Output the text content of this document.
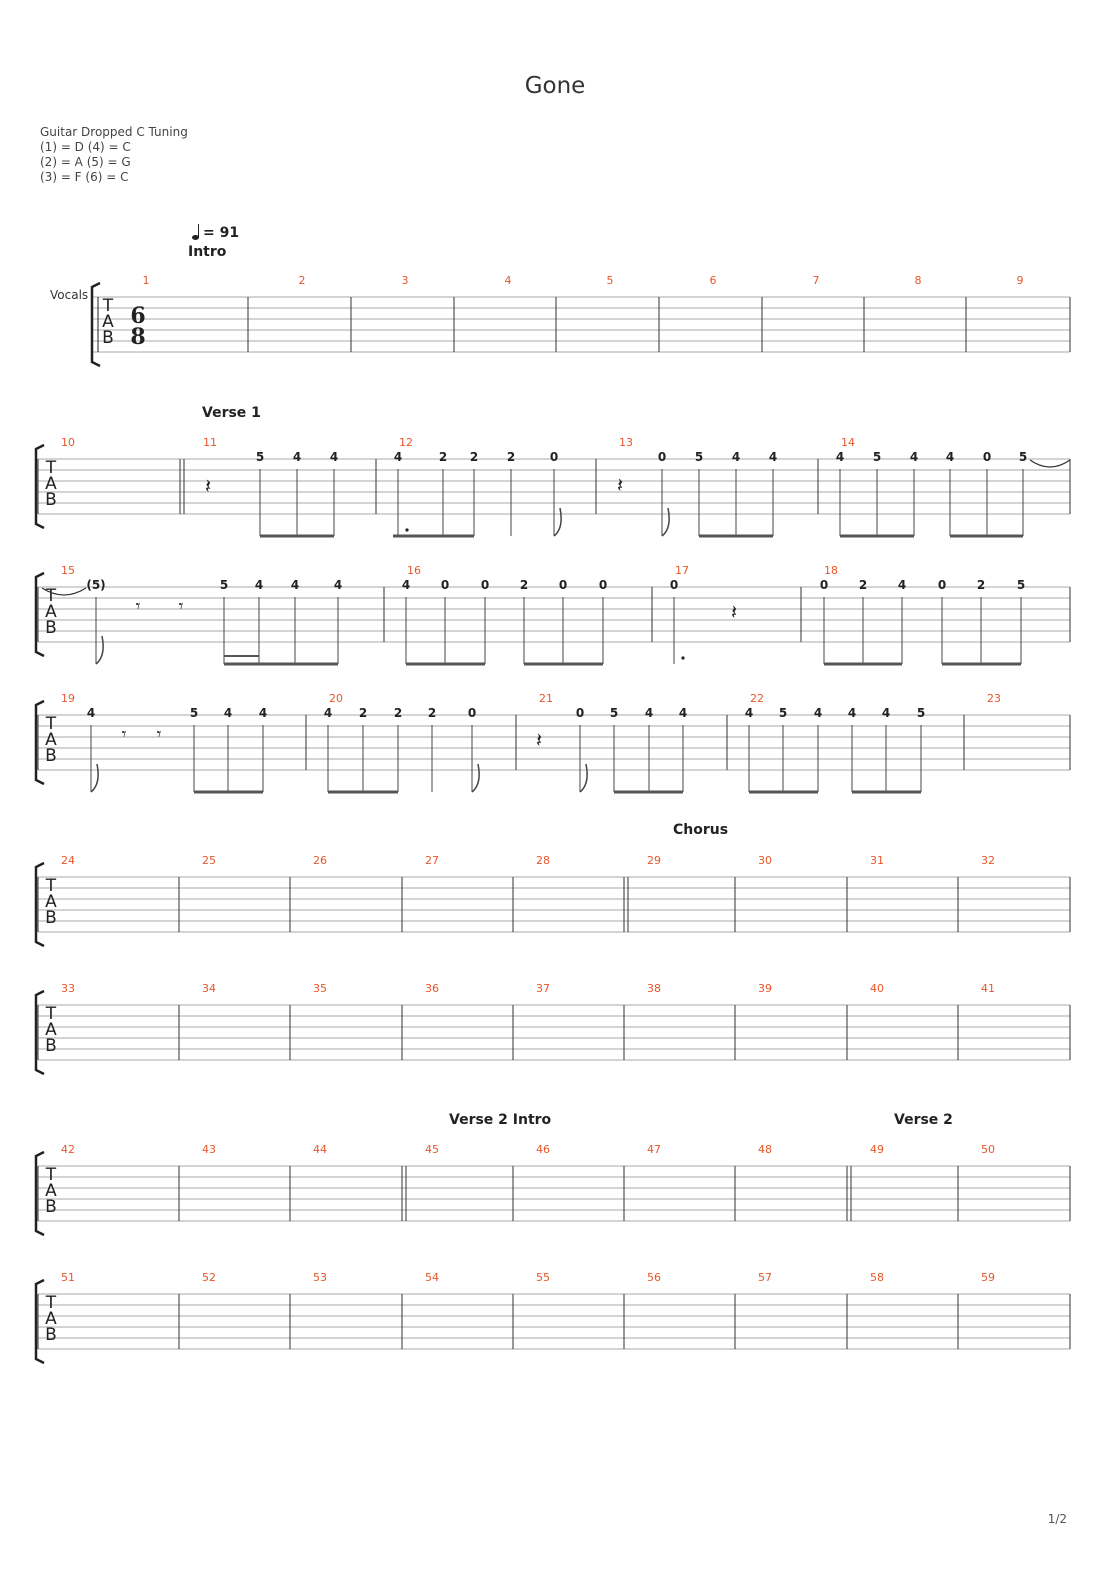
Gone
Guitar Dropped C Tuning
(1) = D (4) = C
(2) = A (5) = G
(3) = F (6) = C
= 91
Intro
Verse 1
Chorus
Verse 2 Intro	Verse 2
Vocals
T
A
B
6
8
1	2	3	4	5	6	7	8	9
T
A
B
10	11	12	13	14
T
A
B
15	16	17	18
T
A
B
19	20	21	22	23
T
A
B
24	25	26	27	28	29	30	31	32
T
A
B
33	34	35	36	37	38	39	40	41
T
A
B
42	43	44	45	46	47	48	49	50
T
A
B
51	52	53	54	55	56	57	58	59
5 4 4	4	2 2 2	0	0 5 4 4	4 5 4 4 0 5
(5)	5 4 4	4	4	0	0	2	0	0	0	0	2	4	0	2	5
4	5 4 4	4 2 2 2	0	0 5 4 4	4 5 4 4 4 5
𝄽	𝄽
𝄽
𝄽
𝄾 𝄾
𝄾 𝄾
1/2
